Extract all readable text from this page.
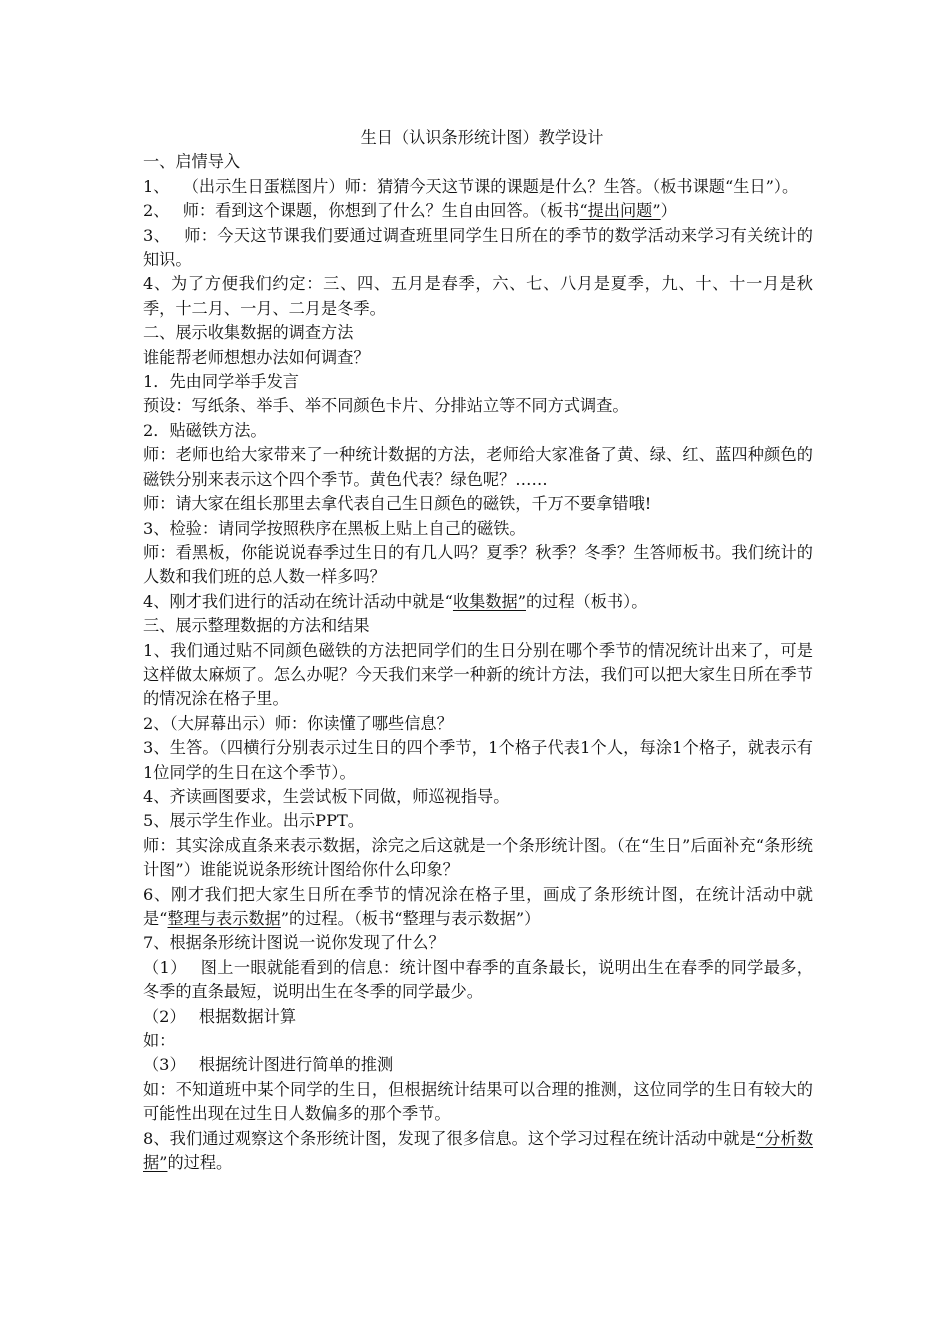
生日（认识条形统计图）教学设计

一、启情导入

1、　 （出示生日蛋糕图片）师：猜猜今天这节课的课题是什么？生答。（板书课题“生日”）。

2、　 师：看到这个课题，你想到了什么？生自由回答。（板书“提出问题”）

3、　 师：今天这节课我们要通过调查班里同学生日所在的季节的数学活动来学习有关统计的知识。

4、为了方便我们约定：三、四、五月是春季，六、七、八月是夏季，九、十、十一月是秋季，十二月、一月、二月是冬季。

二、展示收集数据的调查方法

谁能帮老师想想办法如何调查？

1．先由同学举手发言

预设：写纸条、举手、举不同颜色卡片、分排站立等不同方式调查。

2．贴磁铁方法。

师：老师也给大家带来了一种统计数据的方法，老师给大家准备了黄、绿、红、蓝四种颜色的磁铁分别来表示这个四个季节。黄色代表？绿色呢？……

师：请大家在组长那里去拿代表自己生日颜色的磁铁，千万不要拿错哦!

3、检验：请同学按照秩序在黑板上贴上自己的磁铁。

师：看黑板，你能说说春季过生日的有几人吗？夏季？秋季？冬季？生答师板书。我们统计的人数和我们班的总人数一样多吗？

4、刚才我们进行的活动在统计活动中就是“收集数据”的过程（板书）。

三、展示整理数据的方法和结果

1、我们通过贴不同颜色磁铁的方法把同学们的生日分别在哪个季节的情况统计出来了，可是这样做太麻烦了。怎么办呢？今天我们来学一种新的统计方法，我们可以把大家生日所在季节的情况涂在格子里。

2、（大屏幕出示）师：你读懂了哪些信息？

3、生答。（四横行分别表示过生日的四个季节，1个格子代表1个人，每涂1个格子，就表示有1位同学的生日在这个季节）。

4、齐读画图要求，生尝试板下同做，师巡视指导。

5、展示学生作业。出示PPT。

师：其实涂成直条来表示数据，涂完之后这就是一个条形统计图。（在“生日”后面补充“条形统计图”）谁能说说条形统计图给你什么印象？

6、刚才我们把大家生日所在季节的情况涂在格子里，画成了条形统计图，在统计活动中就是“整理与表示数据”的过程。（板书“整理与表示数据”）

7、根据条形统计图说一说你发现了什么？

（1）　 图上一眼就能看到的信息：统计图中春季的直条最长，说明出生在春季的同学最多，冬季的直条最短，说明出生在冬季的同学最少。

（2）　 根据数据计算

如：

（3）　 根据统计图进行简单的推测

如：不知道班中某个同学的生日，但根据统计结果可以合理的推测，这位同学的生日有较大的可能性出现在过生日人数偏多的那个季节。

8、我们通过观察这个条形统计图，发现了很多信息。这个学习过程在统计活动中就是“分析数据”的过程。
